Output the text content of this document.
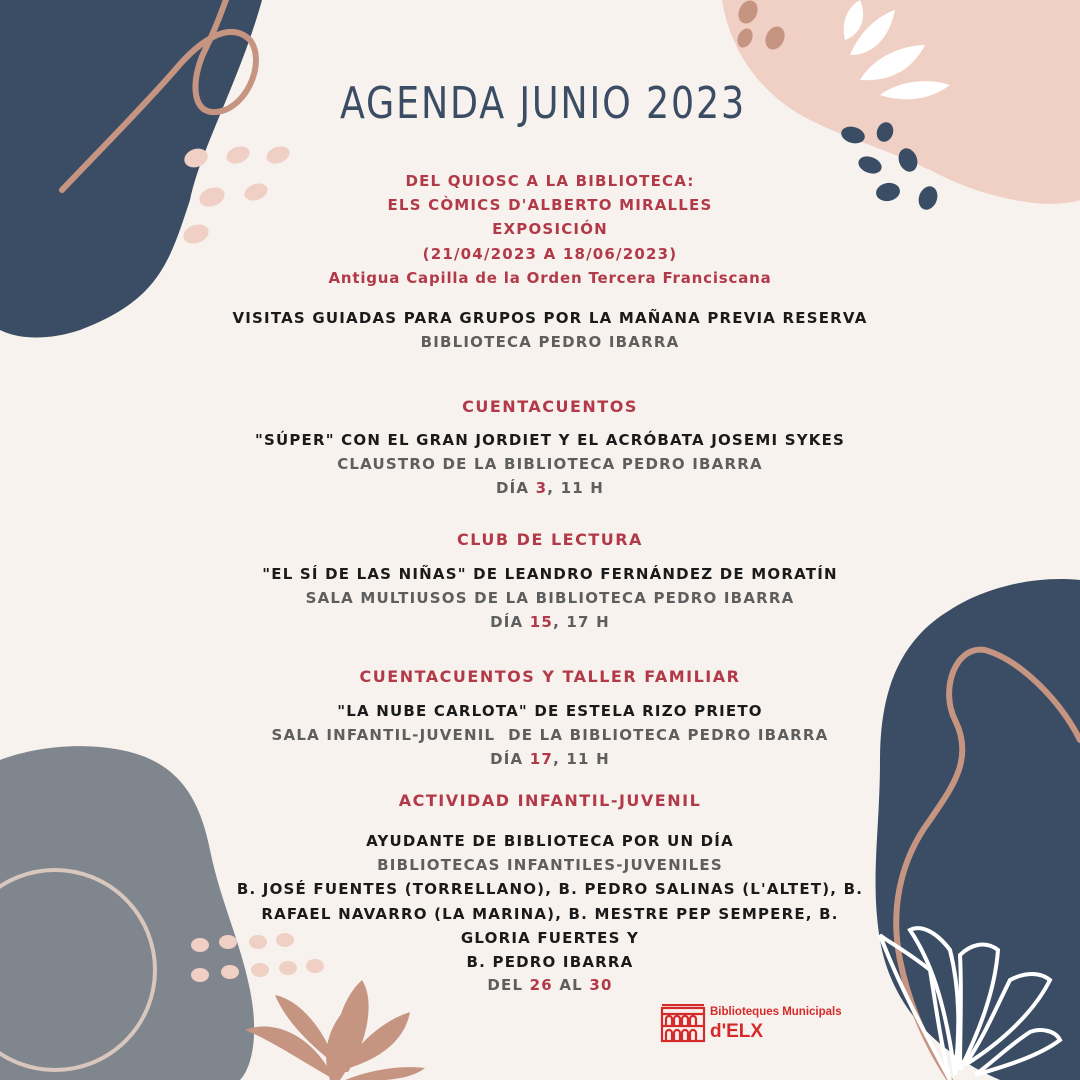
AGENDA JUNIO 2023
DEL QUIOSC A LA BIBLIOTECA:
ELS CÒMICS D'ALBERTO MIRALLES
EXPOSICIÓN
(21/04/2023 A 18/06/2023)
Antigua Capilla de la Orden Tercera Franciscana
VISITAS GUIADAS PARA GRUPOS POR LA MAÑANA PREVIA RESERVA
BIBLIOTECA PEDRO IBARRA
CUENTACUENTOS
"SÚPER" CON EL GRAN JORDIET Y EL ACRÓBATA JOSEMI SYKES
CLAUSTRO DE LA BIBLIOTECA PEDRO IBARRA
DÍA 3, 11 H
CLUB DE LECTURA
"EL SÍ DE LAS NIÑAS" DE LEANDRO FERNÁNDEZ DE MORATÍN
SALA MULTIUSOS DE LA BIBLIOTECA PEDRO IBARRA
DÍA 15, 17 H
CUENTACUENTOS Y TALLER FAMILIAR
"LA NUBE CARLOTA" DE ESTELA RIZO PRIETO
SALA INFANTIL-JUVENIL  DE LA BIBLIOTECA PEDRO IBARRA
DÍA 17, 11 H
ACTIVIDAD INFANTIL-JUVENIL
AYUDANTE DE BIBLIOTECA POR UN DÍA
BIBLIOTECAS INFANTILES-JUVENILES
B. JOSÉ FUENTES (TORRELLANO), B. PEDRO SALINAS (L'ALTET), B.
RAFAEL NAVARRO (LA MARINA), B. MESTRE PEP SEMPERE, B.
GLORIA FUERTES Y
B. PEDRO IBARRA
DEL 26 AL 30
Biblioteques Municipals
d'ELX
